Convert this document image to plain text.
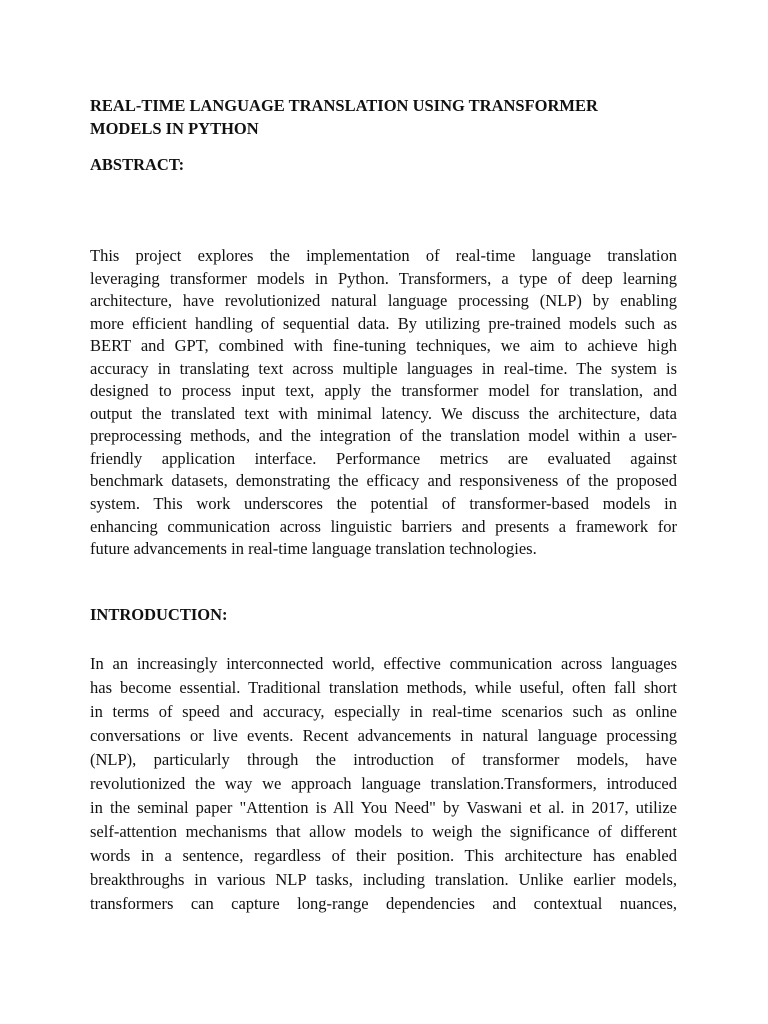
REAL-TIME LANGUAGE TRANSLATION USING TRANSFORMER
MODELS IN PYTHON
ABSTRACT:
This project explores the implementation of real-time language translation
leveraging transformer models in Python. Transformers, a type of deep learning
architecture, have revolutionized natural language processing (NLP) by enabling
more efficient handling of sequential data. By utilizing pre-trained models such as
BERT and GPT, combined with fine-tuning techniques, we aim to achieve high
accuracy in translating text across multiple languages in real-time. The system is
designed to process input text, apply the transformer model for translation, and
output the translated text with minimal latency. We discuss the architecture, data
preprocessing methods, and the integration of the translation model within a user-
friendly application interface. Performance metrics are evaluated against
benchmark datasets, demonstrating the efficacy and responsiveness of the proposed
system. This work underscores the potential of transformer-based models in
enhancing communication across linguistic barriers and presents a framework for
future advancements in real-time language translation technologies.
INTRODUCTION:
In an increasingly interconnected world, effective communication across languages
has become essential. Traditional translation methods, while useful, often fall short
in terms of speed and accuracy, especially in real-time scenarios such as online
conversations or live events. Recent advancements in natural language processing
(NLP), particularly through the introduction of transformer models, have
revolutionized the way we approach language translation.Transformers, introduced
in the seminal paper "Attention is All You Need" by Vaswani et al. in 2017, utilize
self-attention mechanisms that allow models to weigh the significance of different
words in a sentence, regardless of their position. This architecture has enabled
breakthroughs in various NLP tasks, including translation. Unlike earlier models,
transformers can capture long-range dependencies and contextual nuances,
